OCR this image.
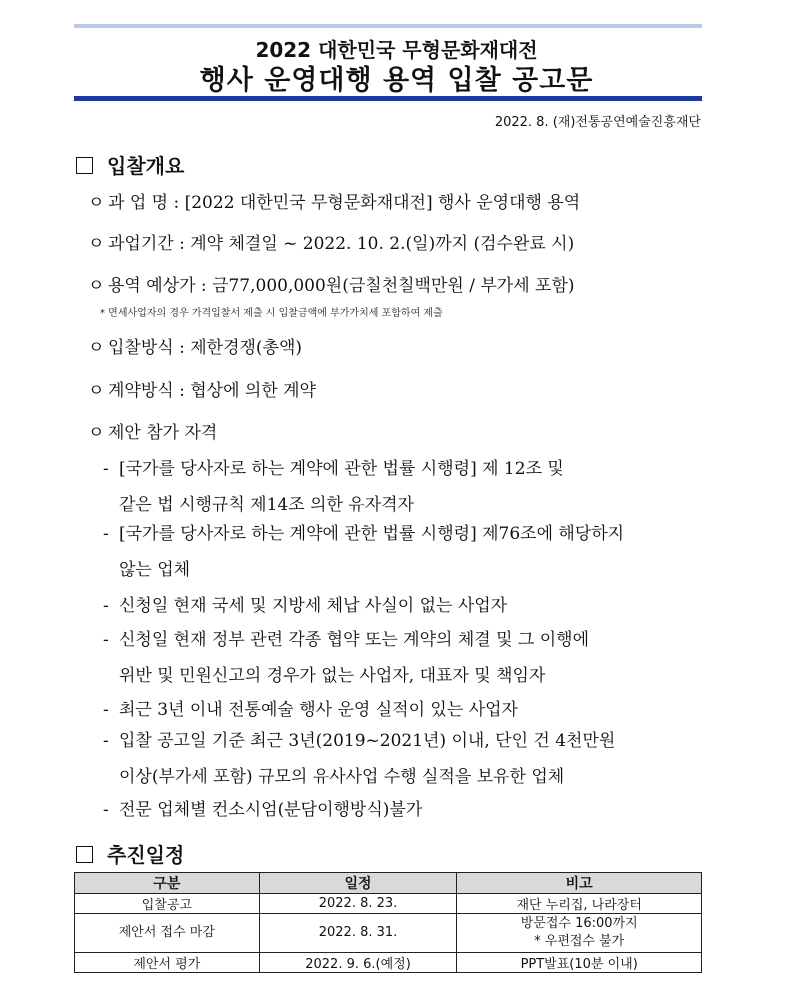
2022 대한민국 무형문화재대전
행사 운영대행 용역 입찰 공고문
2022. 8. (재)전통공연예술진흥재단
입찰개요
ㅇ 과 업 명 : [2022 대한민국 무형문화재대전] 행사 운영대행 용역
ㅇ 과업기간 : 계약 체결일 ~ 2022. 10. 2.(일)까지 (검수완료 시)
ㅇ 용역 예상가 : 금77,000,000원(금칠천칠백만원 / 부가세 포함)
* 면세사업자의 경우 가격입찰서 제출 시 입찰금액에 부가가치세 포함하여 제출
ㅇ 입찰방식 : 제한경쟁(총액)
ㅇ 계약방식 : 협상에 의한 계약
ㅇ 제안 참가 자격
- [국가를 당사자로 하는 계약에 관한 법률 시행령] 제 12조 및
같은 법 시행규칙 제14조 의한 유자격자
- [국가를 당사자로 하는 계약에 관한 법률 시행령] 제76조에 해당하지
않는 업체
- 신청일 현재 국세 및 지방세 체납 사실이 없는 사업자
- 신청일 현재 정부 관련 각종 협약 또는 계약의 체결 및 그 이행에
위반 및 민원신고의 경우가 없는 사업자, 대표자 및 책임자
- 최근 3년 이내 전통예술 행사 운영 실적이 있는 사업자
- 입찰 공고일 기준 최근 3년(2019~2021년) 이내, 단인 건 4천만원
이상(부가세 포함) 규모의 유사사업 수행 실적을 보유한 업체
- 전문 업체별 컨소시엄(분담이행방식)불가
추진일정
구분	일정	비고
입찰공고	2022. 8. 23.	재단 누리집, 나라장터
제안서 접수 마감	2022. 8. 31.	방문접수 16:00까지
* 우편접수 불가

제안서 평가	2022. 9. 6.(예정)	PPT발표(10분 이내)
